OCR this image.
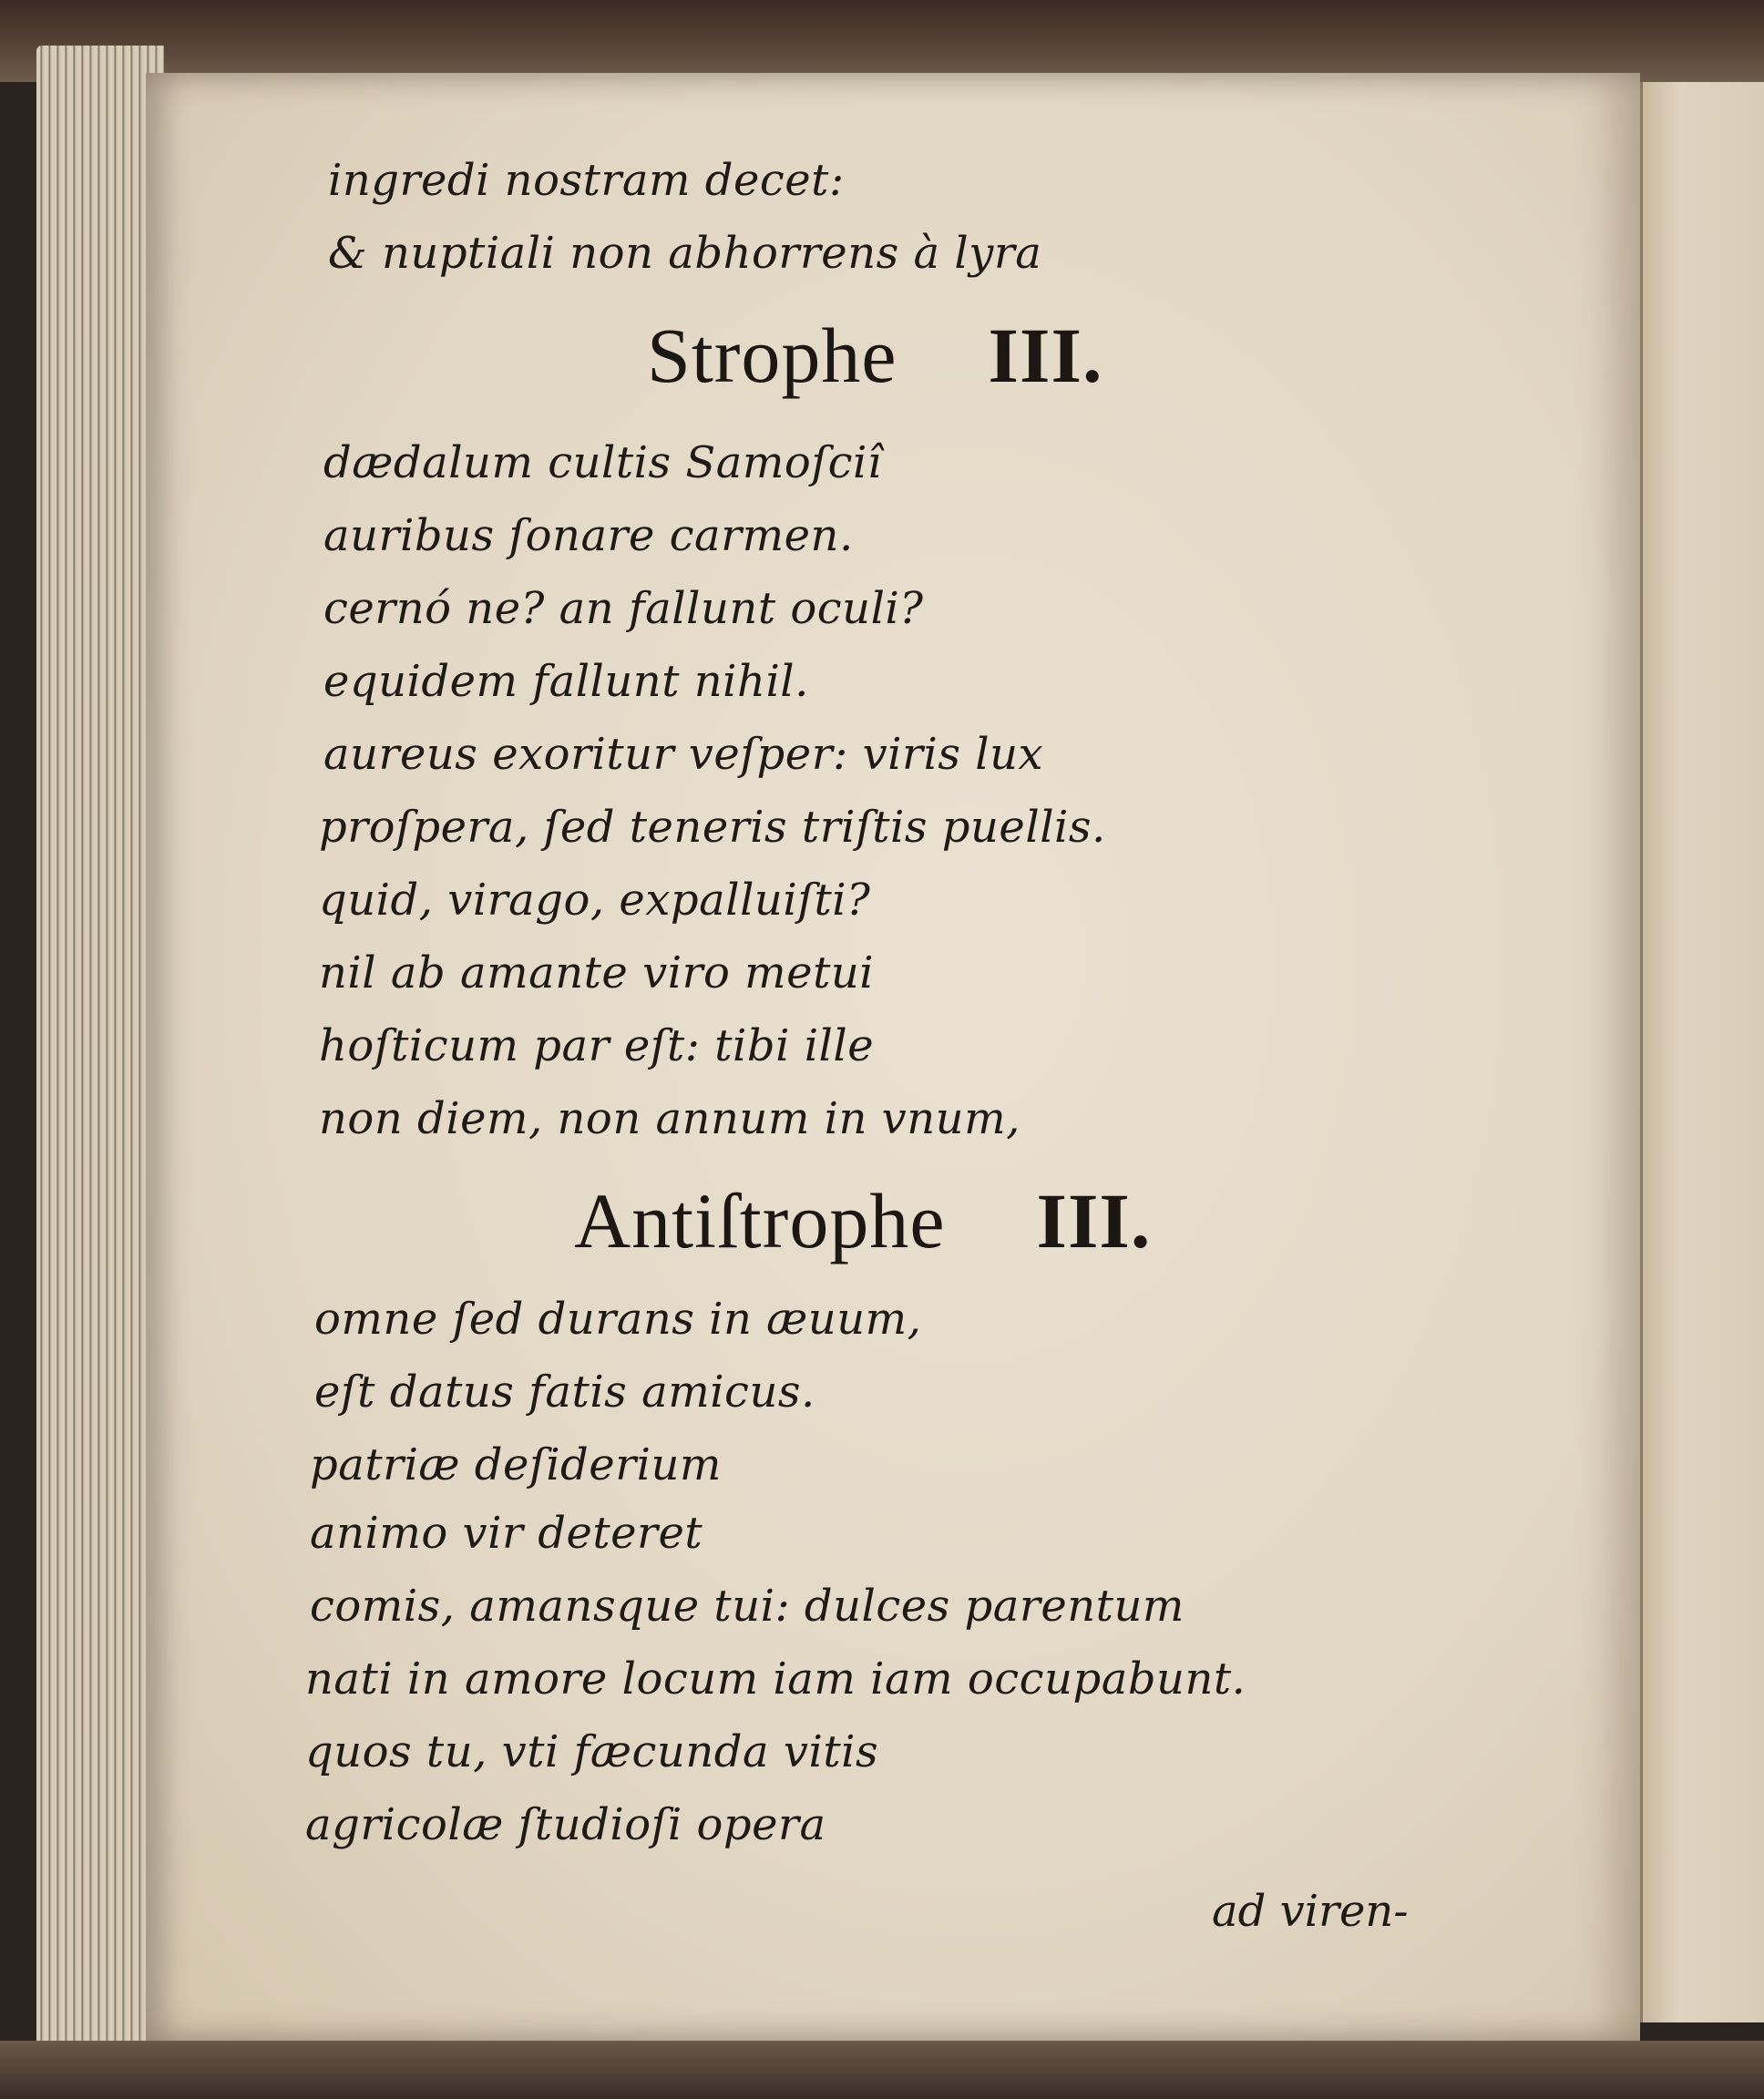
ingredi nostram decet:

& nuptiali non abhorrens à lyra

Strophe III.

dædalum cultis Samoſciî

auribus ſonare carmen.

cernó ne? an fallunt oculi?

equidem fallunt nihil.

aureus exoritur veſper: viris lux

proſpera, ſed teneris triſtis puellis.

quid, virago, expalluiſti?

nil ab amante viro metui

hoſticum par eſt: tibi ille

non diem, non annum in vnum,

Antiſtrophe III.

omne ſed durans in æuum,

eſt datus fatis amicus.

patriæ deſiderium

animo vir deteret

comis, amansque tui: dulces parentum

nati in amore locum iam iam occupabunt.

quos tu, vti fæcunda vitis

agricolæ ſtudioſi opera

ad viren-
